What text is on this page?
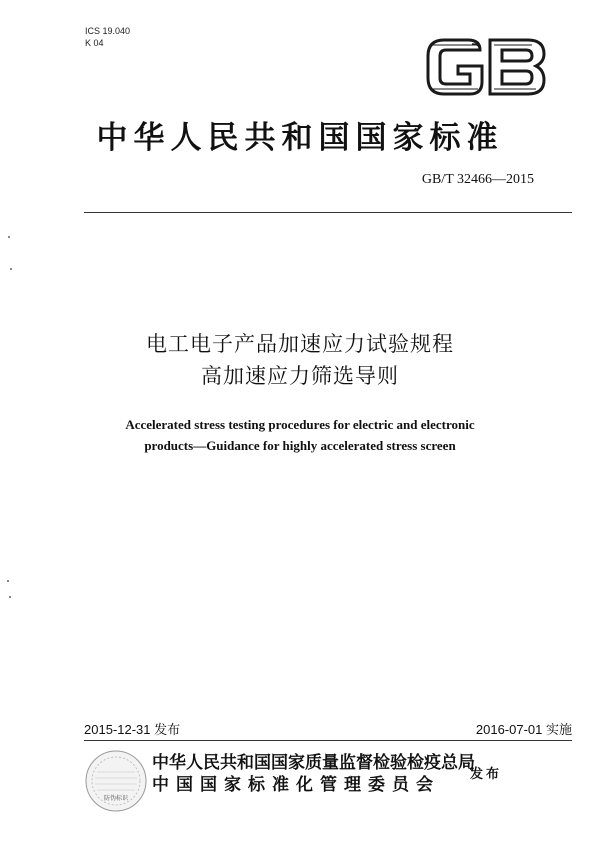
ICS 19.040
K 04
GB
中华人民共和国国家标准
GB/T 32466—2015
电工电子产品加速应力试验规程
高加速应力筛选导则
Accelerated stress testing procedures for electric and electronic
products—Guidance for highly accelerated stress screen
2015-12-31 发布	2016-07-01 实施
防伪标识
中华人民共和国国家质量监督检验检疫总局
中国国家标准化管理委员会
发布
